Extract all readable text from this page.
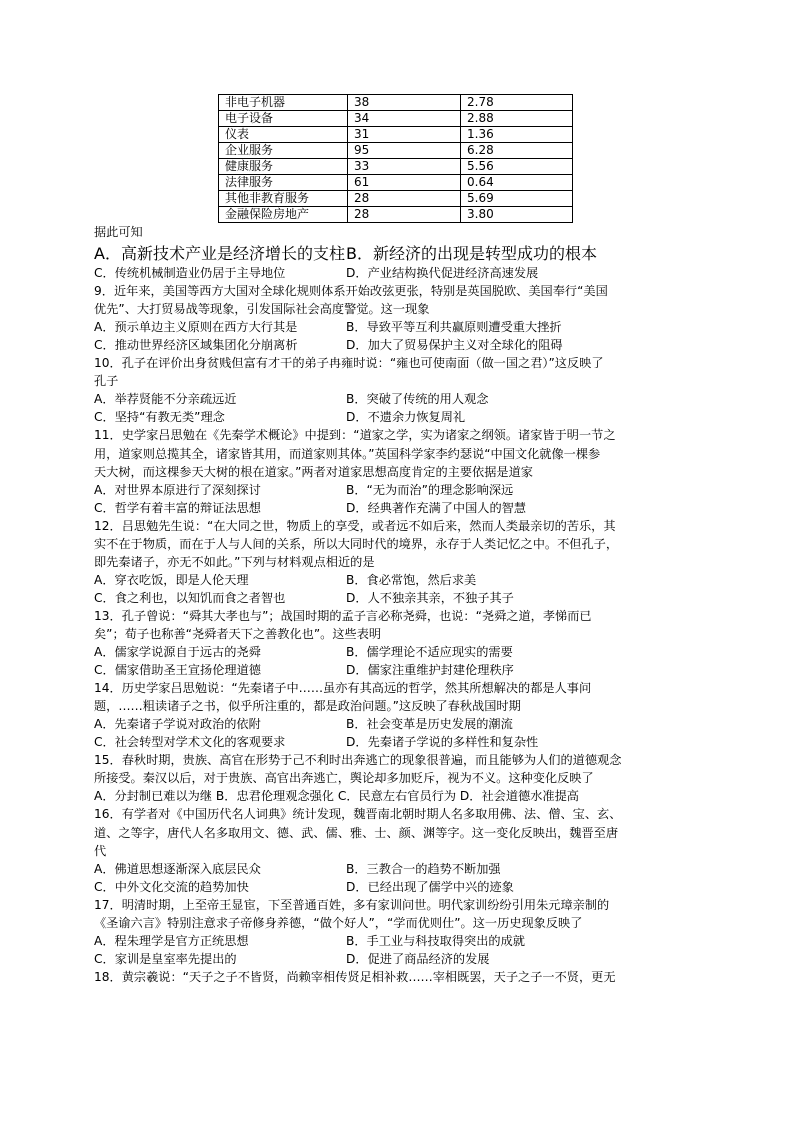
非电子机器	38	2.78
电子设备	34	2.88
仪表	31	1.36
企业服务	95	6.28
健康服务	33	5.56
法律服务	61	0.64
其他非教育服务	28	5.69
金融保险房地产	28	3.80
据此可知
A．高新技术产业是经济增长的支柱 B．新经济的出现是转型成功的根本
C．传统机械制造业仍居于主导地位	D．产业结构换代促进经济高速发展
9．近年来，美国等西方大国对全球化规则体系开始改弦更张，特别是英国脱欧、美国奉行“美国
优先”、大打贸易战等现象，引发国际社会高度警觉。这一现象
A．预示单边主义原则在西方大行其是	B．导致平等互利共赢原则遭受重大挫折
C．推动世界经济区域集团化分崩离析	D．加大了贸易保护主义对全球化的阻碍
10．孔子在评价出身贫贱但富有才干的弟子冉雍时说：“雍也可使南面（做一国之君）”这反映了
孔子
A．举荐贤能不分亲疏远近	B．突破了传统的用人观念
C．坚持“有教无类”理念	D．不遗余力恢复周礼
11．史学家吕思勉在《先秦学术概论》中提到：“道家之学，实为诸家之纲领。诸家皆于明一节之
用，道家则总揽其全，诸家皆其用，而道家则其体。”英国科学家李约瑟说“中国文化就像一棵参
天大树，而这棵参天大树的根在道家。”两者对道家思想高度肯定的主要依据是道家
A．对世界本原进行了深刻探讨	B．“无为而治”的理念影响深远
C．哲学有着丰富的辩证法思想	D．经典著作充满了中国人的智慧
12．吕思勉先生说：“在大同之世，物质上的享受，或者远不如后来，然而人类最亲切的苦乐，其
实不在于物质，而在于人与人间的关系，所以大同时代的境界，永存于人类记忆之中。不但孔子，
即先秦诸子，亦无不如此。”下列与材料观点相近的是
A．穿衣吃饭，即是人伦天理	B．食必常饱，然后求美
C．食之利也，以知饥而食之者智也	D．人不独亲其亲，不独子其子
13．孔子曾说：“舜其大孝也与”；战国时期的孟子言必称尧舜，也说：“尧舜之道，孝悌而已
矣”；荀子也称善“尧舜者天下之善教化也”。这些表明
A．儒家学说源自于远古的尧舜	B．儒学理论不适应现实的需要
C．儒家借助圣王宣扬伦理道德	D．儒家注重维护封建伦理秩序
14．历史学家吕思勉说：“先秦诸子中……虽亦有其高远的哲学，然其所想解决的都是人事问
题，……粗读诸子之书，似乎所注重的，都是政治问题。”这反映了春秋战国时期
A．先秦诸子学说对政治的依附	B．社会变革是历史发展的潮流
C．社会转型对学术文化的客观要求	D．先秦诸子学说的多样性和复杂性
15．春秋时期，贵族、高官在形势于己不利时出奔逃亡的现象很普遍，而且能够为人们的道德观念
所接受。秦汉以后，对于贵族、高官出奔逃亡，舆论却多加贬斥，视为不义。这种变化反映了
A．分封制已难以为继 B．忠君伦理观念强化 C．民意左右官员行为 D．社会道德水准提高
16．有学者对《中国历代名人词典》统计发现，魏晋南北朝时期人名多取用佛、法、僧、宝、玄、
道、之等字，唐代人名多取用文、德、武、儒、雅、士、颜、渊等字。这一变化反映出，魏晋至唐
代
A．佛道思想逐渐深入底层民众	B．三教合一的趋势不断加强
C．中外文化交流的趋势加快	D．已经出现了儒学中兴的迹象
17．明清时期，上至帝王显宦，下至普通百姓，多有家训问世。明代家训纷纷引用朱元璋亲制的
《圣谕六言》特别注意求子帝修身养德，“做个好人”，“学而优则仕”。这一历史现象反映了
A．程朱理学是官方正统思想	B．手工业与科技取得突出的成就
C．家训是皇室率先提出的	D．促进了商品经济的发展
18．黄宗羲说：“天子之子不皆贤，尚赖宰相传贤足相补救……宰相既罢，天子之子一不贤，更无
